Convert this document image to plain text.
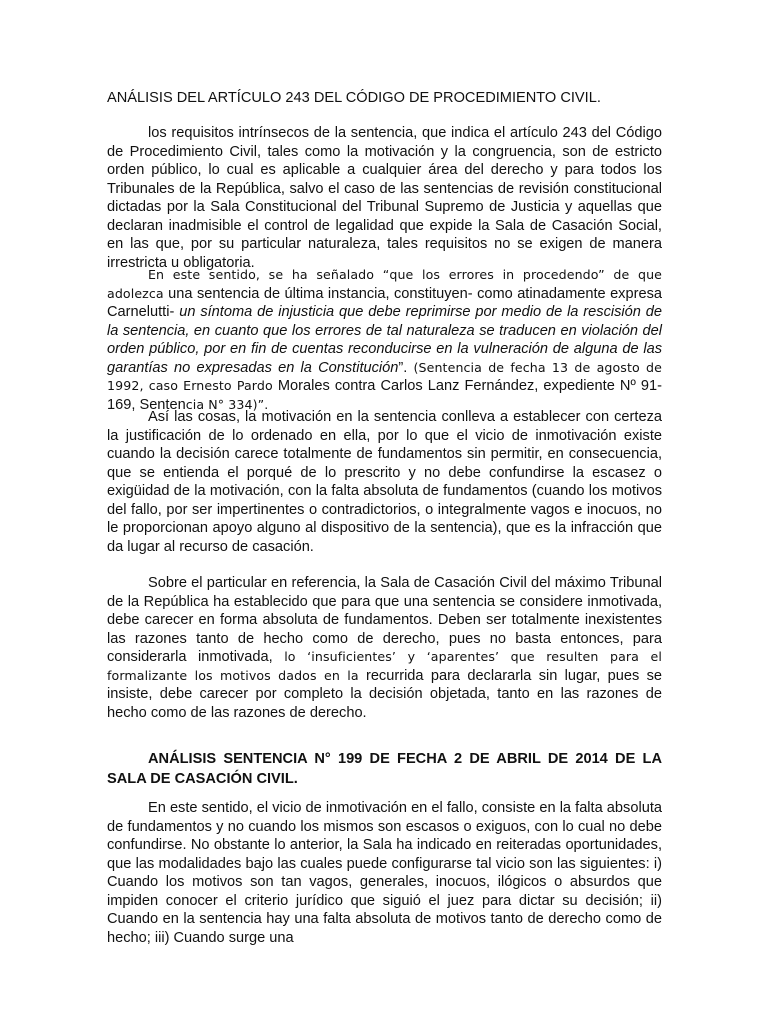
ANÁLISIS DEL ARTÍCULO 243 DEL CÓDIGO DE PROCEDIMIENTO CIVIL.

los requisitos intrínsecos de la sentencia, que indica el artículo 243 del Código de Procedimiento Civil, tales como la motivación y la congruencia, son de estricto orden público, lo cual es aplicable a cualquier área del derecho y para todos los Tribunales de la República, salvo el caso de las sentencias de revisión constitucional dictadas por la Sala Constitucional del Tribunal Supremo de Justicia y aquellas que declaran inadmisible el control de legalidad que expide la Sala de Casación Social, en las que, por su particular naturaleza, tales requisitos no se exigen de manera irrestricta u obligatoria.

En este sentido, se ha señalado “que los errores in procedendo” de que adolezca una sentencia de última instancia, constituyen- como atinadamente expresa Carnelutti- un síntoma de injusticia que debe reprimirse por medio de la rescisión de la sentencia, en cuanto que los errores de tal naturaleza se traducen en violación del orden público, por en fin de cuentas reconducirse en la vulneración de alguna de las garantías no expresadas en la Constitución”. (Sentencia de fecha 13 de agosto de 1992, caso Ernesto Pardo Morales contra Carlos Lanz Fernández, expediente Nº 91-169, Sentencia N° 334)”.

Así las cosas, la motivación en la sentencia conlleva a establecer con certeza la justificación de lo ordenado en ella, por lo que el vicio de inmotivación existe cuando la decisión carece totalmente de fundamentos sin permitir, en consecuencia, que se entienda el porqué de lo prescrito y no debe confundirse la escasez o exigüidad de la motivación, con la falta absoluta de fundamentos (cuando los motivos del fallo, por ser impertinentes o contradictorios, o integralmente vagos e inocuos, no le proporcionan apoyo alguno al dispositivo de la sentencia), que es la infracción que da lugar al recurso de casación.

Sobre el particular en referencia, la Sala de Casación Civil del máximo Tribunal de la República ha establecido que para que una sentencia se considere inmotivada, debe carecer en forma absoluta de fundamentos. Deben ser totalmente inexistentes las razones tanto de hecho como de derecho, pues no basta entonces, para considerarla inmotivada, lo ‘insuficientes’ y ‘aparentes’ que resulten para el formalizante los motivos dados en la recurrida para declararla sin lugar, pues se insiste, debe carecer por completo la decisión objetada, tanto en las razones de hecho como de las razones de derecho.

ANÁLISIS SENTENCIA N° 199 DE FECHA 2 DE ABRIL DE 2014 DE LA SALA DE CASACIÓN CIVIL.

En este sentido, el vicio de inmotivación en el fallo, consiste en la falta absoluta de fundamentos y no cuando los mismos son escasos o exiguos, con lo cual no debe confundirse. No obstante lo anterior, la Sala ha indicado en reiteradas oportunidades, que las modalidades bajo las cuales puede configurarse tal vicio son las siguientes: i) Cuando los motivos son tan vagos, generales, inocuos, ilógicos o absurdos que impiden conocer el criterio jurídico que siguió el juez para dictar su decisión; ii) Cuando en la sentencia hay una falta absoluta de motivos tanto de derecho como de hecho; iii) Cuando surge una
